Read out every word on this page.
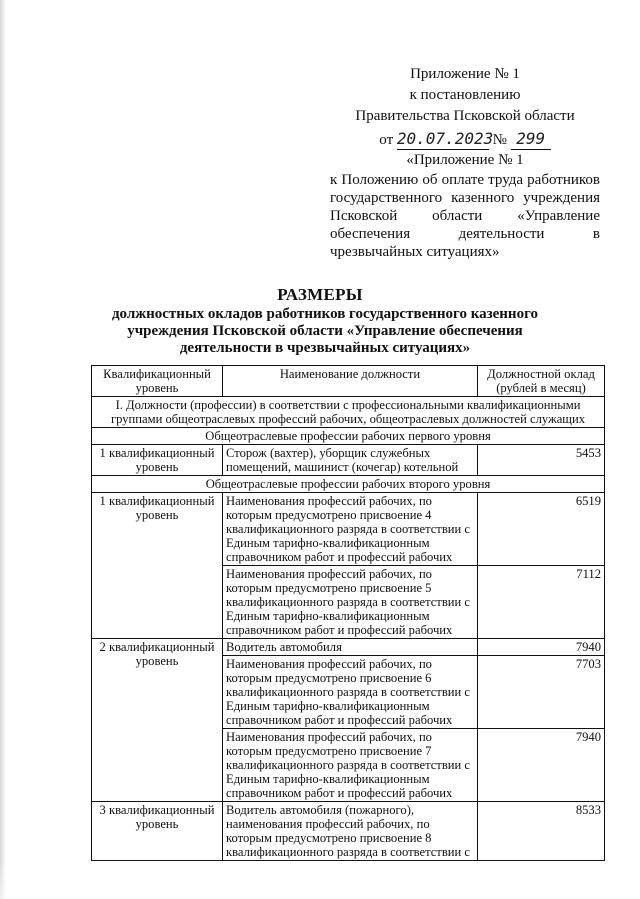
Приложение № 1
к постановлению
Правительства Псковской области
от 20.07.2023 № 299
«Приложение № 1
к Положению об оплате труда работников государственного казенного учреждения Псковской области «Управление обеспечения деятельности в чрезвычайных ситуациях»
РАЗМЕРЫ
должностных окладов работников государственного казенного учреждения Псковской области «Управление обеспечения деятельности в чрезвычайных ситуациях»
Квалификационный уровень	Наименование должности	Должностной оклад (рублей в месяц)
I. Должности (профессии) в соответствии с профессиональными квалификационными группами общеотраслевых профессий рабочих, общеотраслевых должностей служащих		
Общеотраслевые профессии рабочих первого уровня		
1 квалификационный уровень	Сторож (вахтер), уборщик служебных помещений, машинист (кочегар) котельной	5453
Общеотраслевые профессии рабочих второго уровня		
1 квалификационный уровень	Наименования профессий рабочих, по которым предусмотрено присвоение 4 квалификационного разряда в соответствии с Единым тарифно-квалификационным справочником работ и профессий рабочих	6519
	Наименования профессий рабочих, по которым предусмотрено присвоение 5 квалификационного разряда в соответствии с Единым тарифно-квалификационным справочником работ и профессий рабочих	7112
2 квалификационный уровень	Водитель автомобиля	7940
	Наименования профессий рабочих, по которым предусмотрено присвоение 6 квалификационного разряда в соответствии с Единым тарифно-квалификационным справочником работ и профессий рабочих	7703
	Наименования профессий рабочих, по которым предусмотрено присвоение 7 квалификационного разряда в соответствии с Единым тарифно-квалификационным справочником работ и профессий рабочих	7940
3 квалификационный уровень	Водитель автомобиля (пожарного), наименования профессий рабочих, по которым предусмотрено присвоение 8 квалификационного разряда в соответствии с	8533
